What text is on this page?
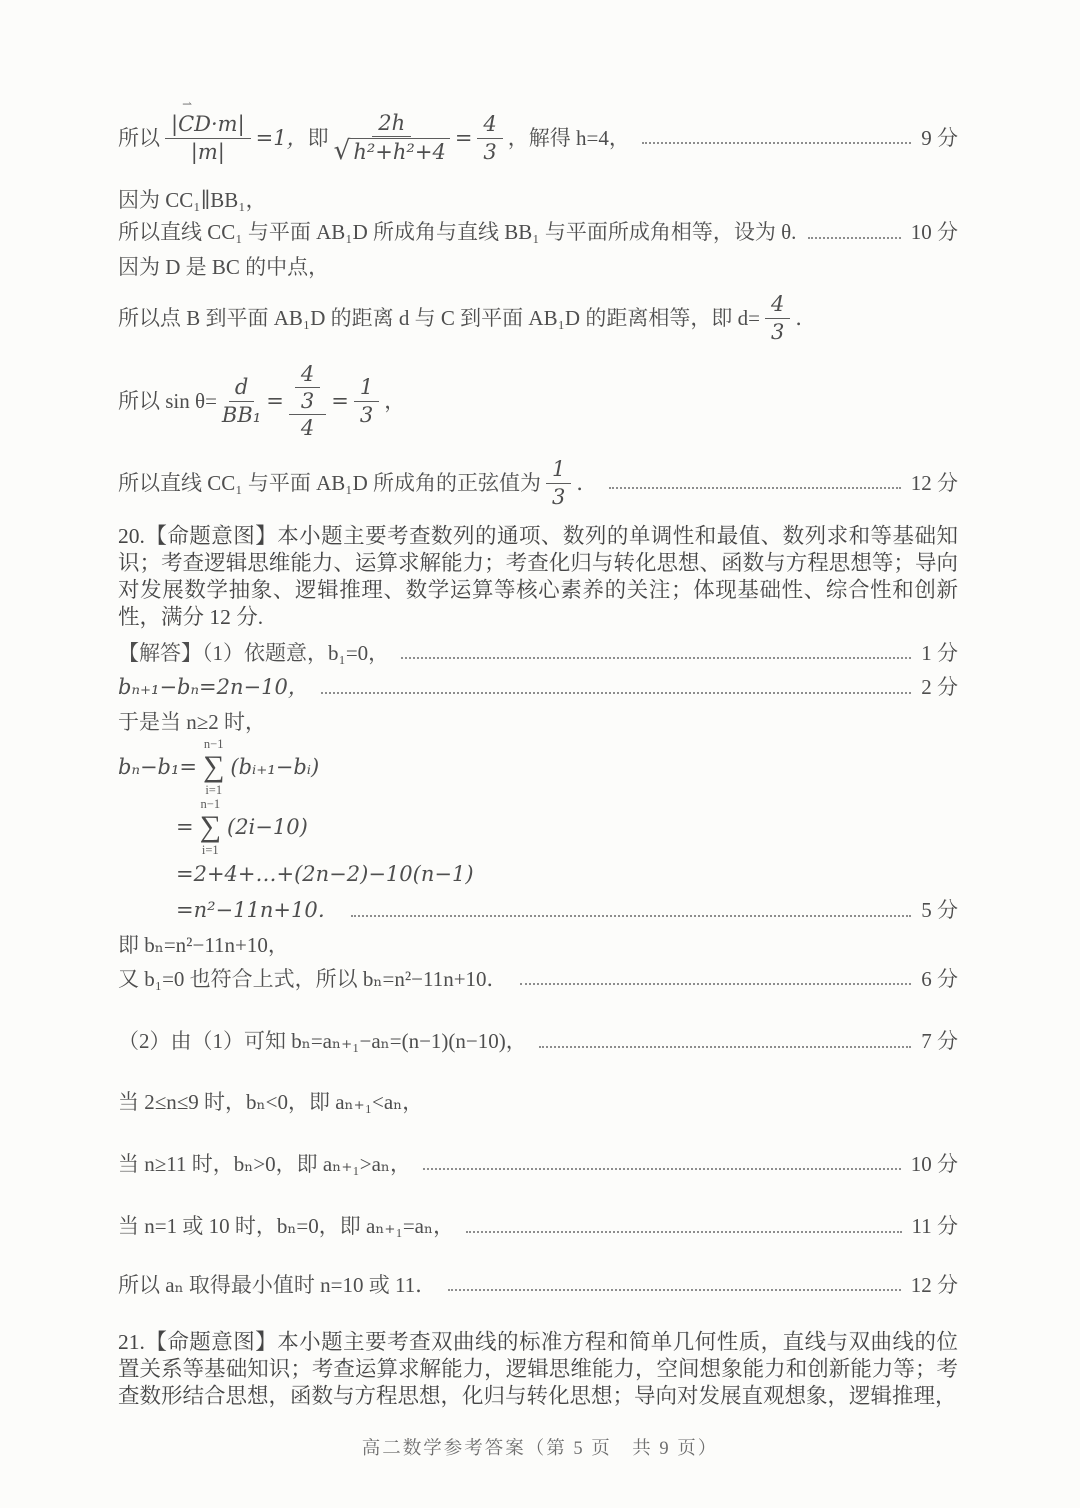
所以 $\frac{|CD ⇀\cdot m|}{|m|} =1$， 即 $\frac{2h}{\text{√ h²+h²+4}} = \frac{4}{3}$ ，解得 h=4，	9 分
因为 CC₁∥BB₁，
所以直线 CC₁ 与平面 AB₁D 所成角与直线 BB₁ 与平面所成角相等，设为 θ.	10 分
因为 D 是 BC 的中点，
所以点 B 到平面 AB₁D 的距离 d 与 C 到平面 AB₁D 的距离相等，即 $d= \frac{4}{3}$ ．
所以 $\sin \theta= \frac{d}{\text{BB₁}} = \frac{\frac{4}{3}}{4} = \frac{1}{3}$ ，
所以直线 CC₁ 与平面 AB₁D 所成角的正弦值为 $\frac{1}{3}$ ．	12 分

20.【命题意图】本小题主要考查数列的通项、数列的单调性和最值、数列求和等基础知识；考查逻辑思维能力、运算求解能力；考查化归与转化思想、函数与方程思想等；导向对发展数学抽象、逻辑推理、数学运算等核心素养的关注；体现基础性、综合性和创新性，满分 12 分.

【解答】（1）依题意，b₁=0，	1 分
bₙ₊₁−bₙ=2n−10，	2 分
于是当 n≥2 时，
bₙ−b₁=
n−1
∑
i=1
(bᵢ₊₁−bᵢ)
=
n−1
∑
i=1
(2i−10)
=2+4+…+(2n−2)−10(n−1)
=n²−11n+10．	5 分
即 bₙ=n²−11n+10，
又 b₁=0 也符合上式，所以 bₙ=n²−11n+10．	6 分
（2）由（1）可知 bₙ=aₙ₊₁−aₙ=(n−1)(n−10)，	7 分
当 2≤n≤9 时，bₙ<0，即 aₙ₊₁<aₙ，
当 n≥11 时，bₙ>0，即 aₙ₊₁>aₙ，	10 分
当 n=1 或 10 时，bₙ=0，即 aₙ₊₁=aₙ，	11 分
所以 aₙ 取得最小值时 n=10 或 11．	12 分

21.【命题意图】本小题主要考查双曲线的标准方程和简单几何性质，直线与双曲线的位置关系等基础知识；考查运算求解能力，逻辑思维能力，空间想象能力和创新能力等；考查数形结合思想，函数与方程思想，化归与转化思想；导向对发展直观想象，逻辑推理，

高二数学参考答案（第 5 页　共 9 页）
